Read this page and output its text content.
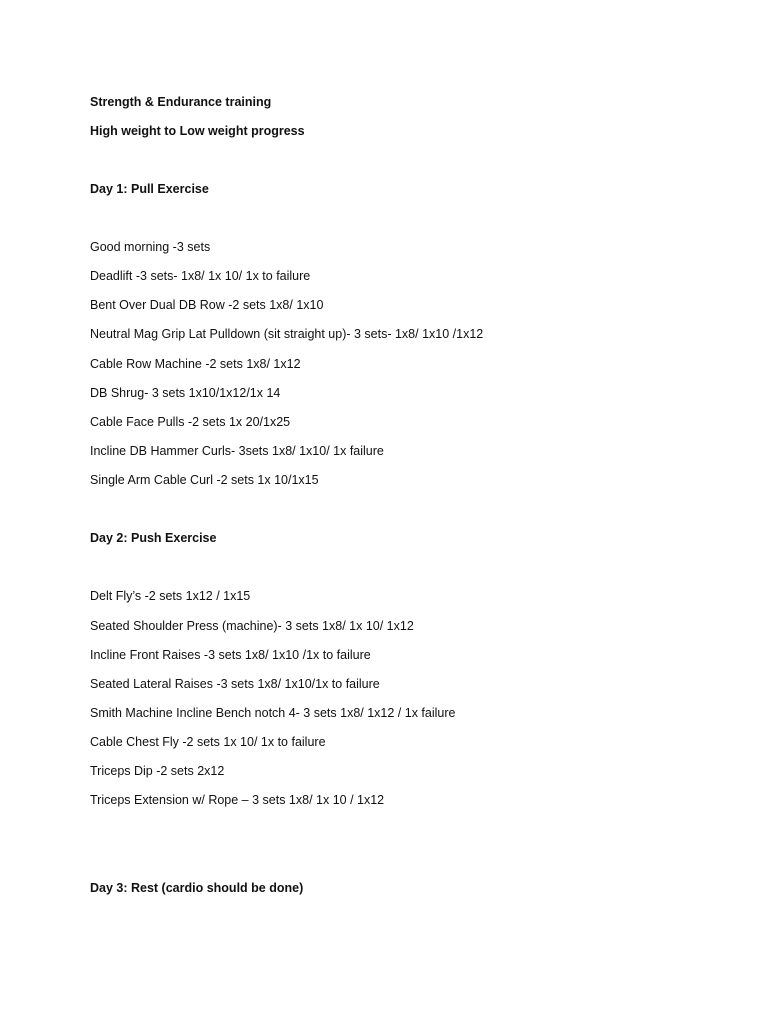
Strength & Endurance training
High weight to Low weight progress
Day 1: Pull Exercise
Good morning -3 sets
Deadlift -3 sets- 1x8/ 1x 10/ 1x to failure
Bent Over Dual DB Row -2 sets 1x8/ 1x10
Neutral Mag Grip Lat Pulldown (sit straight up)- 3 sets- 1x8/ 1x10 /1x12
Cable Row Machine -2 sets 1x8/ 1x12
DB Shrug- 3 sets 1x10/1x12/1x 14
Cable Face Pulls -2 sets 1x 20/1x25
Incline DB Hammer Curls- 3sets 1x8/ 1x10/ 1x failure
Single Arm Cable Curl -2 sets 1x 10/1x15
Day 2: Push Exercise
Delt Fly’s -2 sets 1x12 / 1x15
Seated Shoulder Press (machine)- 3 sets 1x8/ 1x 10/ 1x12
Incline Front Raises -3 sets 1x8/ 1x10 /1x to failure
Seated Lateral Raises -3 sets 1x8/ 1x10/1x to failure
Smith Machine Incline Bench notch 4- 3 sets 1x8/ 1x12 / 1x failure
Cable Chest Fly -2 sets 1x 10/ 1x to failure
Triceps Dip -2 sets 2x12
Triceps Extension w/ Rope – 3 sets 1x8/ 1x 10 / 1x12
Day 3: Rest (cardio should be done)
